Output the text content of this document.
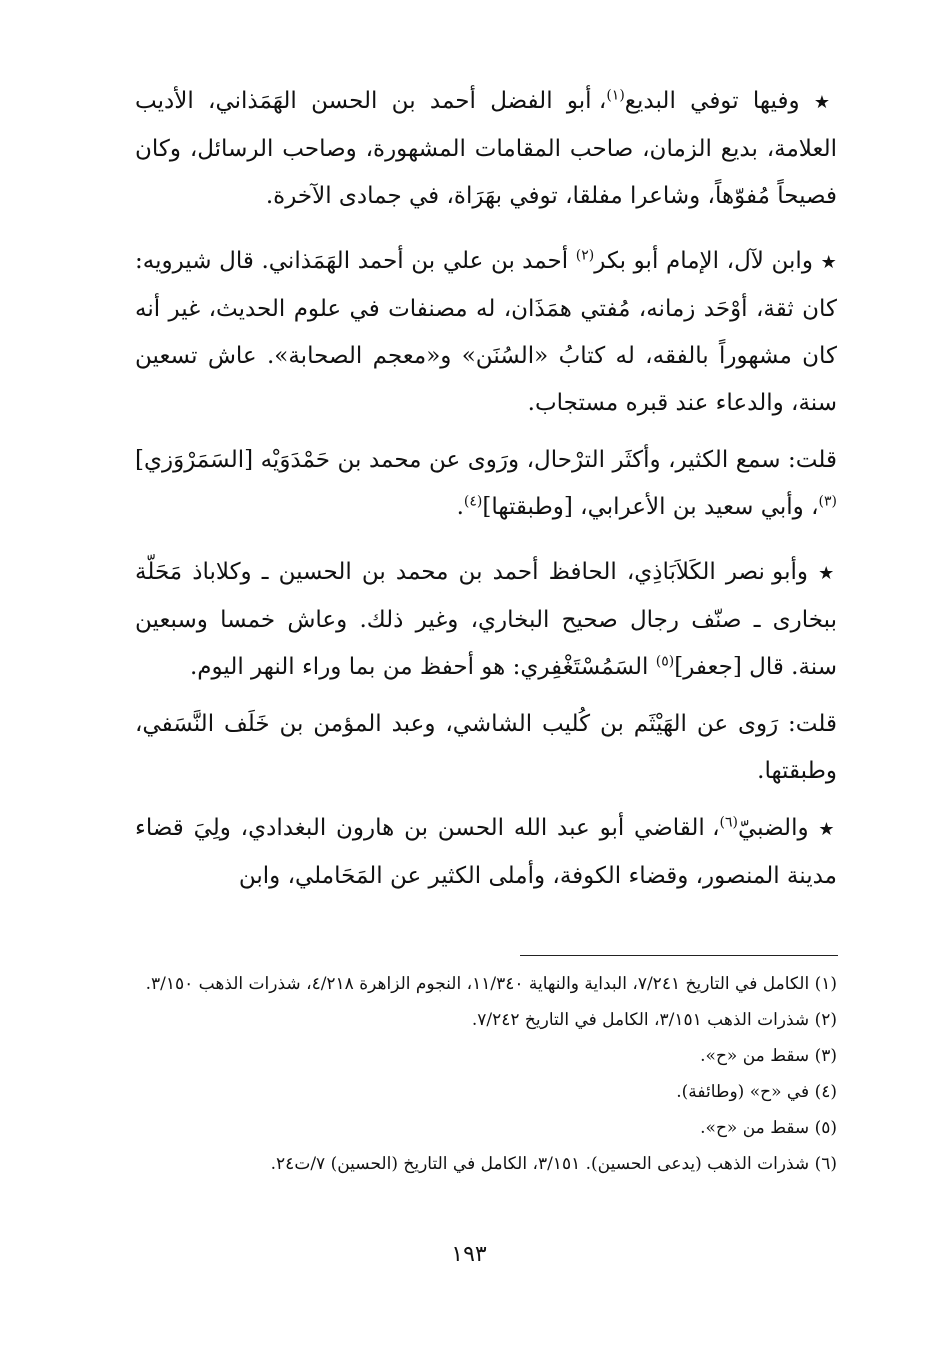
★ وفيها توفي البديع$^{(١)}$، أبو الفضل أحمد بن الحسن الهَمَذاني، الأديب العلامة، بديع الزمان، صاحب المقامات المشهورة، وصاحب الرسائل، وكان فصيحاً مُفوّهاً، وشاعرا مفلقا، توفي بهَرَاة، في جمادى الآخرة.

★ وابن لآل، الإمام أبو بكر$^{(٢)}$ أحمد بن علي بن أحمد الهَمَذاني. قال شيرويه: كان ثقة، أوْحَد زمانه، مُفتي همَذَان، له مصنفات في علوم الحديث، غير أنه كان مشهوراً بالفقه، له كتابُ «السُنَن» و«معجم الصحابة». عاش تسعين سنة، والدعاء عند قبره مستجاب.

قلت: سمع الكثير، وأكثَر الترْحال، ورَوى عن محمد بن حَمْدَوَيْه [السَمَرْوَزي]$^{(٣)}$، وأبي سعيد بن الأعرابي، [وطبقتها]$^{(٤)}$.

★ وأبو نصر الكَلاَبَاذِي، الحافظ أحمد بن محمد بن الحسين ـ وكلاباذ مَحَلّة ببخارى ـ صنّف رجال صحيح البخاري، وغير ذلك. وعاش خمسا وسبعين سنة. قال [جعفر]$^{(٥)}$ السَمُسْتَغْفِري: هو أحفظ من بما وراء النهر اليوم.

قلت: رَوى عن الهَيْثَم بن كُليب الشاشي، وعبد المؤمن بن خَلَف النَّسَفي، وطبقتها.

★ والضبيّ$^{(٦)}$، القاضي أبو عبد الله الحسن بن هارون البغدادي، ولِيَ قضاء مدينة المنصور، وقضاء الكوفة، وأملى الكثير عن المَحَاملي، وابن

(١) الكامل في التاريخ ٧/٢٤١، البداية والنهاية ١١/٣٤٠، النجوم الزاهرة ٤/٢١٨، شذرات الذهب ٣/١٥٠.

(٢) شذرات الذهب ٣/١٥١، الكامل في التاريخ ٧/٢٤٢.

(٣) سقط من «ح».

(٤) في «ح» (وطائفة).

(٥) سقط من «ح».

(٦) شذرات الذهب (يدعى الحسين). ٣/١٥١، الكامل في التاريخ (الحسين) ٧/ت٢٤.

١٩٣
